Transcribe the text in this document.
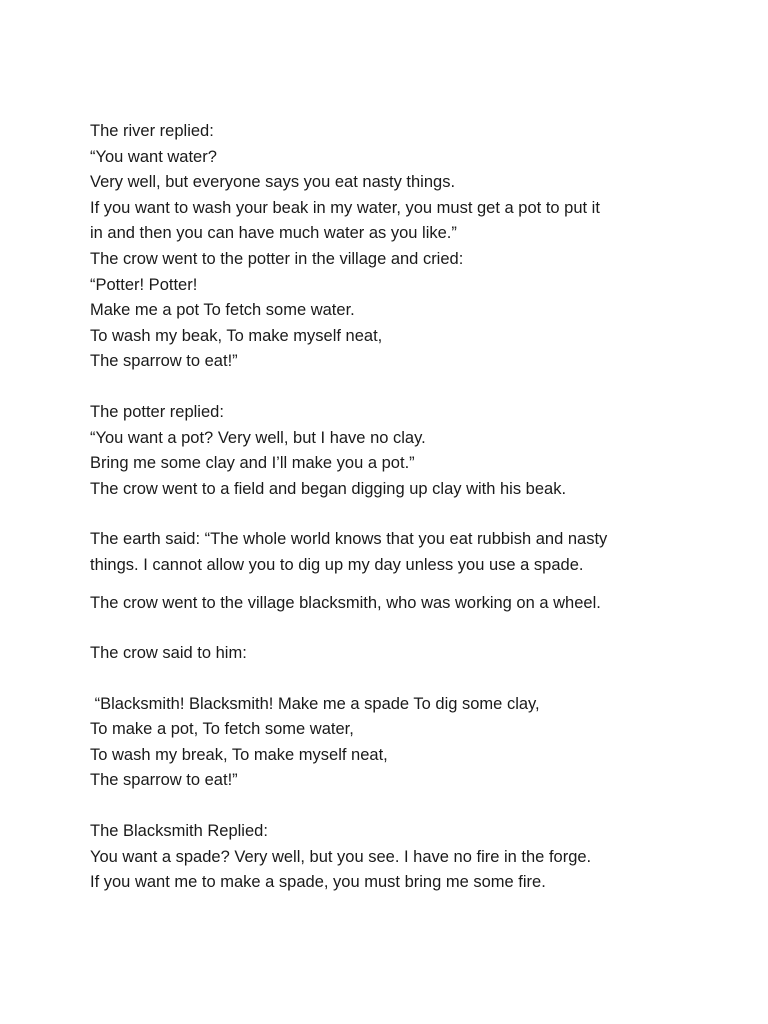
The river replied:
“You want water?
Very well, but everyone says you eat nasty things.
If you want to wash your beak in my water, you must get a pot to put it
in and then you can have much water as you like.”
The crow went to the potter in the village and cried:
“Potter! Potter!
Make me a pot To fetch some water.
To wash my beak, To make myself neat,
The sparrow to eat!”
The potter replied:
“You want a pot? Very well, but I have no clay.
Bring me some clay and I’ll make you a pot.”
The crow went to a field and began digging up clay with his beak.
The earth said: “The whole world knows that you eat rubbish and nasty
things. I cannot allow you to dig up my day unless you use a spade.
The crow went to the village blacksmith, who was working on a wheel.
The crow said to him:
“Blacksmith! Blacksmith! Make me a spade To dig some clay,
To make a pot, To fetch some water,
To wash my break, To make myself neat,
The sparrow to eat!”
The Blacksmith Replied:
You want a spade? Very well, but you see. I have no fire in the forge.
If you want me to make a spade, you must bring me some fire.
